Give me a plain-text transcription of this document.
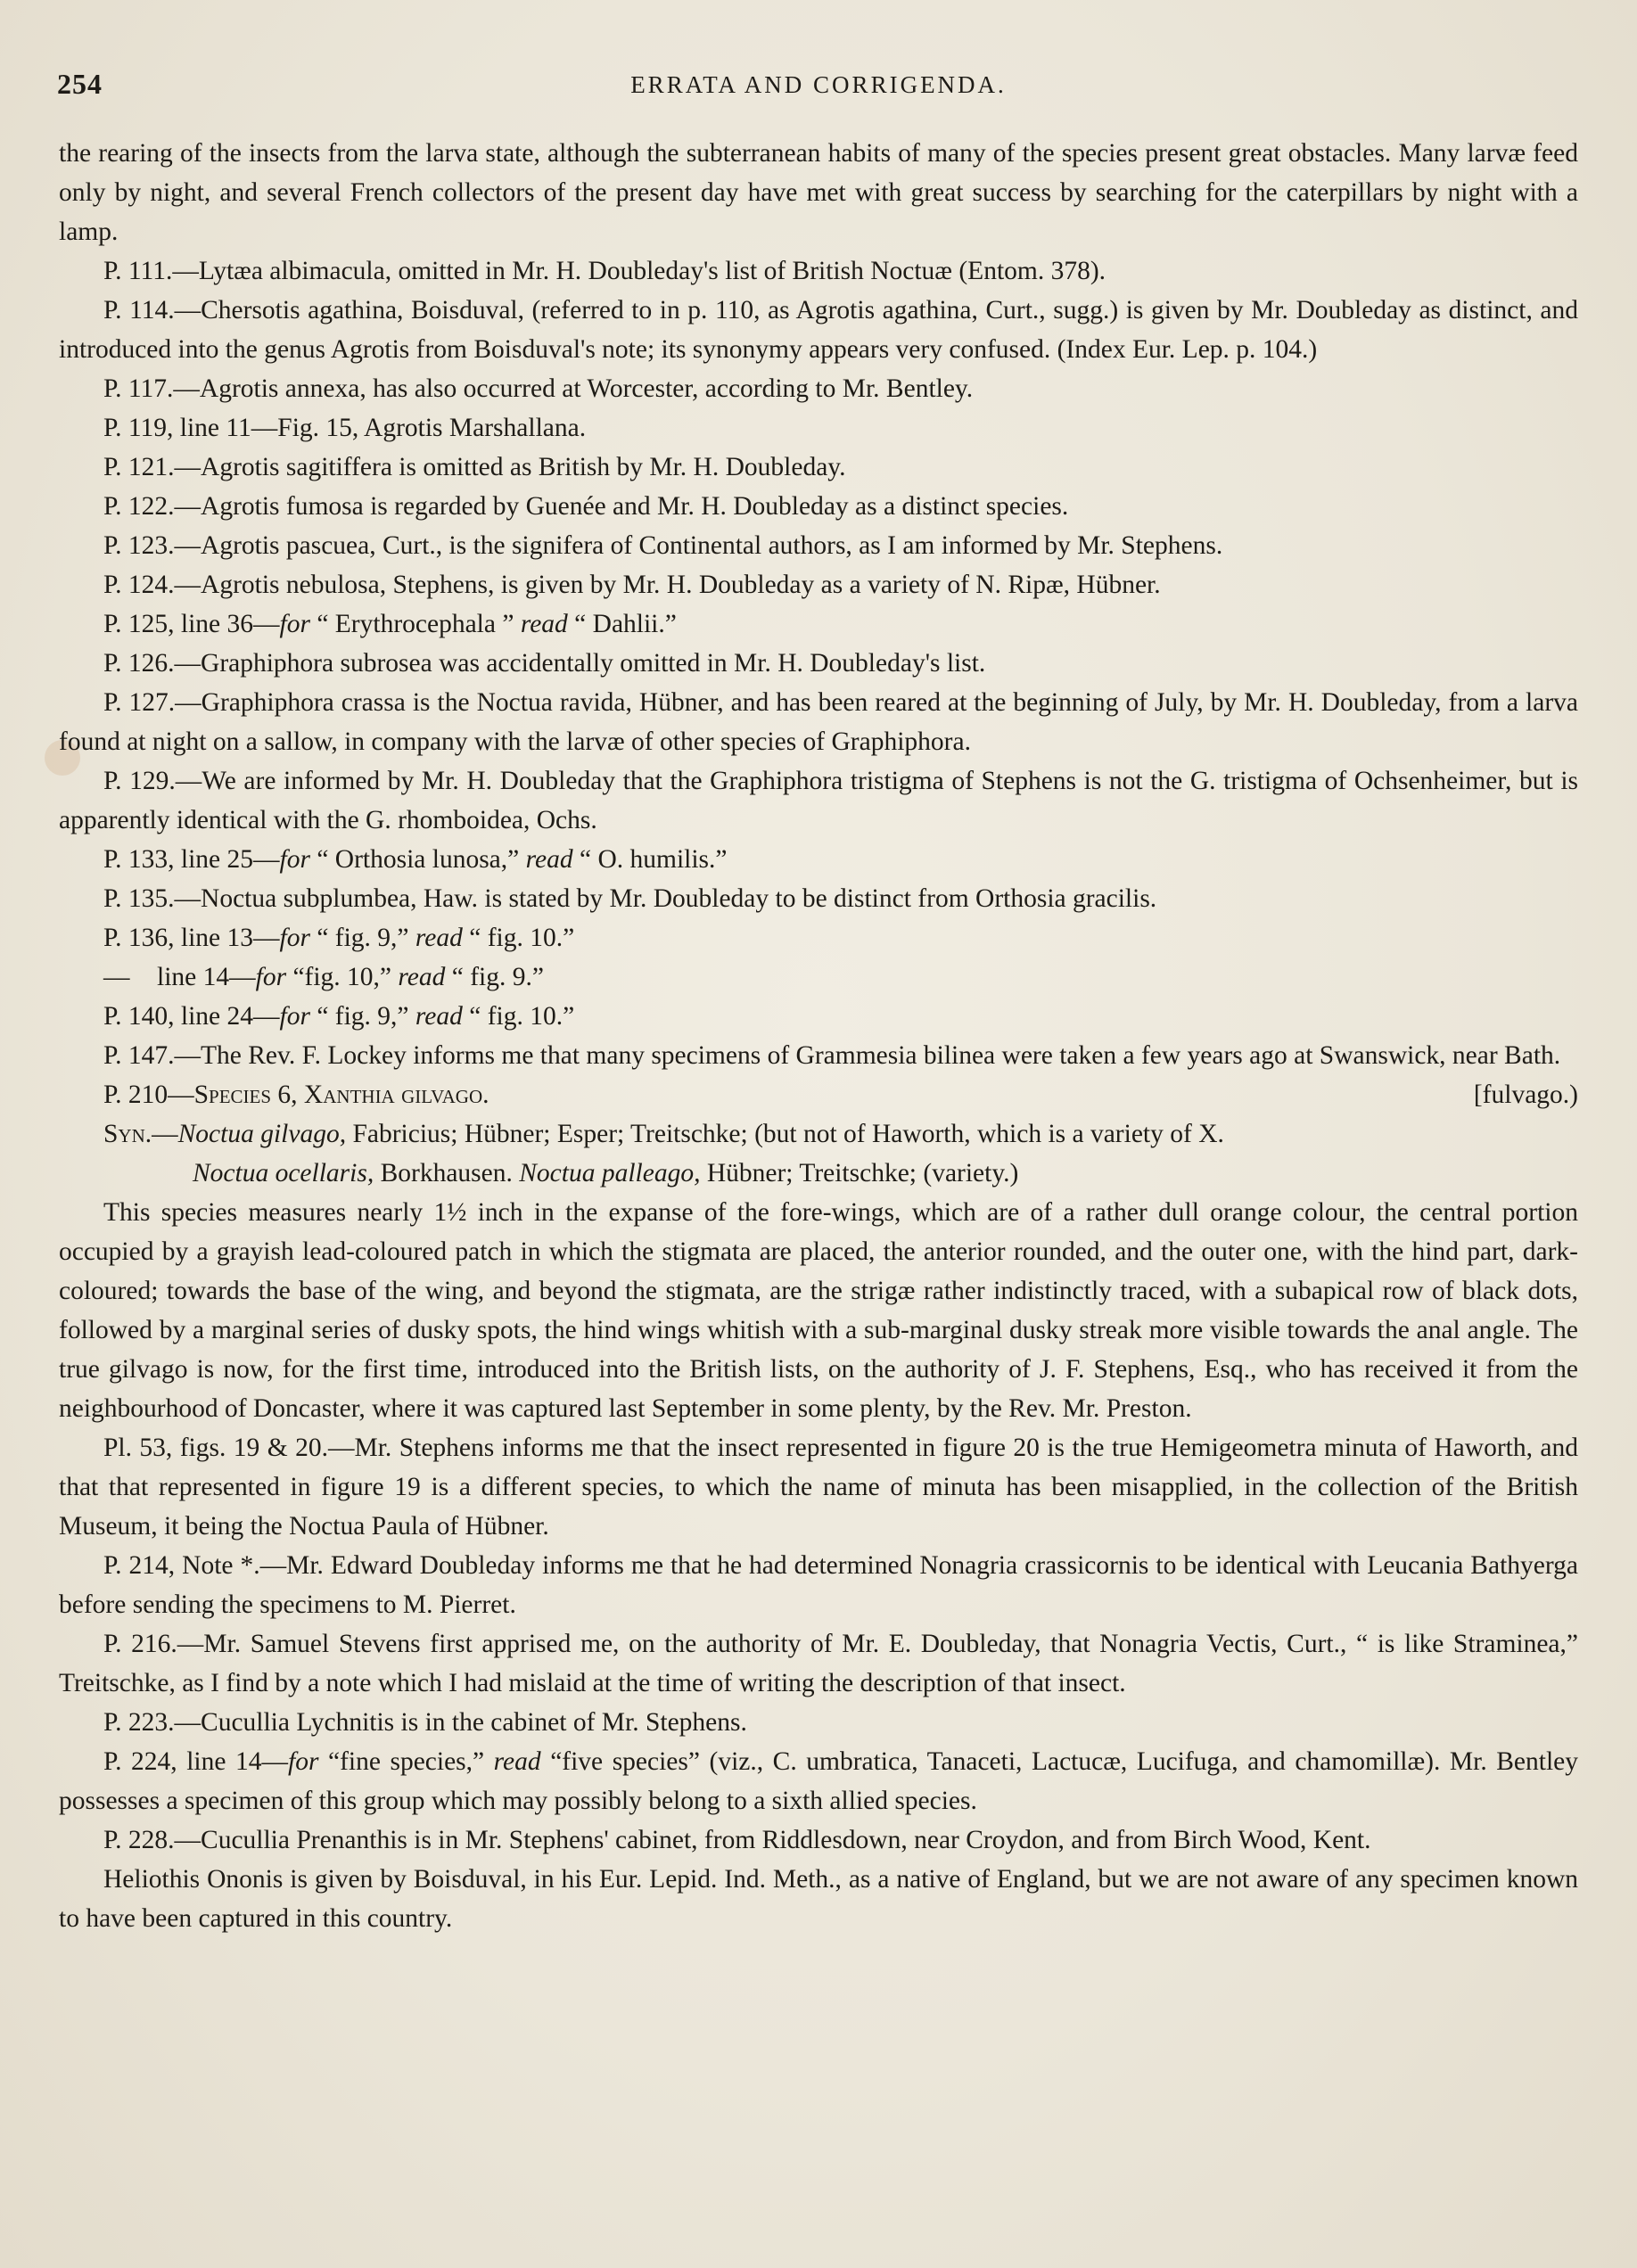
254	ERRATA AND CORRIGENDA.

the rearing of the insects from the larva state, although the subterranean habits of many of the species present great obstacles. Many larvæ feed only by night, and several French collectors of the present day have met with great success by searching for the caterpillars by night with a lamp.

P. 111.—Lytæa albimacula, omitted in Mr. H. Doubleday's list of British Noctuæ (Entom. 378).

P. 114.—Chersotis agathina, Boisduval, (referred to in p. 110, as Agrotis agathina, Curt., sugg.) is given by Mr. Doubleday as distinct, and introduced into the genus Agrotis from Boisduval's note; its synonymy appears very confused. (Index Eur. Lep. p. 104.)

P. 117.—Agrotis annexa, has also occurred at Worcester, according to Mr. Bentley.

P. 119, line 11—Fig. 15, Agrotis Marshallana.

P. 121.—Agrotis sagitiffera is omitted as British by Mr. H. Doubleday.

P. 122.—Agrotis fumosa is regarded by Guenée and Mr. H. Doubleday as a distinct species.

P. 123.—Agrotis pascuea, Curt., is the signifera of Continental authors, as I am informed by Mr. Stephens.

P. 124.—Agrotis nebulosa, Stephens, is given by Mr. H. Doubleday as a variety of N. Ripæ, Hübner.

P. 125, line 36—for “ Erythrocephala ” read “ Dahlii.”

P. 126.—Graphiphora subrosea was accidentally omitted in Mr. H. Doubleday's list.

P. 127.—Graphiphora crassa is the Noctua ravida, Hübner, and has been reared at the beginning of July, by Mr. H. Doubleday, from a larva found at night on a sallow, in company with the larvæ of other species of Graphiphora.

P. 129.—We are informed by Mr. H. Doubleday that the Graphiphora tristigma of Stephens is not the G. tristigma of Ochsenheimer, but is apparently identical with the G. rhomboidea, Ochs.

P. 133, line 25—for “ Orthosia lunosa,” read “ O. humilis.”

P. 135.—Noctua subplumbea, Haw. is stated by Mr. Doubleday to be distinct from Orthosia gracilis.

P. 136, line 13—for “ fig. 9,” read “ fig. 10.”

— line 14—for “fig. 10,” read “ fig. 9.”

P. 140, line 24—for “ fig. 9,” read “ fig. 10.”

P. 147.—The Rev. F. Lockey informs me that many specimens of Grammesia bilinea were taken a few years ago at Swanswick, near Bath.

P. 210—Species 6, Xanthia gilvago.	[fulvago.)

Syn.—Noctua gilvago, Fabricius; Hübner; Esper; Treitschke; (but not of Haworth, which is a variety of X.

Noctua ocellaris, Borkhausen. Noctua palleago, Hübner; Treitschke; (variety.)

This species measures nearly 1½ inch in the expanse of the fore-wings, which are of a rather dull orange colour, the central portion occupied by a grayish lead-coloured patch in which the stigmata are placed, the anterior rounded, and the outer one, with the hind part, dark-coloured; towards the base of the wing, and beyond the stigmata, are the strigæ rather indistinctly traced, with a subapical row of black dots, followed by a marginal series of dusky spots, the hind wings whitish with a sub-marginal dusky streak more visible towards the anal angle. The true gilvago is now, for the first time, introduced into the British lists, on the authority of J. F. Stephens, Esq., who has received it from the neighbourhood of Doncaster, where it was captured last September in some plenty, by the Rev. Mr. Preston.

Pl. 53, figs. 19 & 20.—Mr. Stephens informs me that the insect represented in figure 20 is the true Hemigeometra minuta of Haworth, and that that represented in figure 19 is a different species, to which the name of minuta has been misapplied, in the collection of the British Museum, it being the Noctua Paula of Hübner.

P. 214, Note *.—Mr. Edward Doubleday informs me that he had determined Nonagria crassicornis to be identical with Leucania Bathyerga before sending the specimens to M. Pierret.

P. 216.—Mr. Samuel Stevens first apprised me, on the authority of Mr. E. Doubleday, that Nonagria Vectis, Curt., “ is like Straminea,” Treitschke, as I find by a note which I had mislaid at the time of writing the description of that insect.

P. 223.—Cucullia Lychnitis is in the cabinet of Mr. Stephens.

P. 224, line 14—for “fine species,” read “five species” (viz., C. umbratica, Tanaceti, Lactucæ, Lucifuga, and chamomillæ). Mr. Bentley possesses a specimen of this group which may possibly belong to a sixth allied species.

P. 228.—Cucullia Prenanthis is in Mr. Stephens' cabinet, from Riddlesdown, near Croydon, and from Birch Wood, Kent.

Heliothis Ononis is given by Boisduval, in his Eur. Lepid. Ind. Meth., as a native of England, but we are not aware of any specimen known to have been captured in this country.
